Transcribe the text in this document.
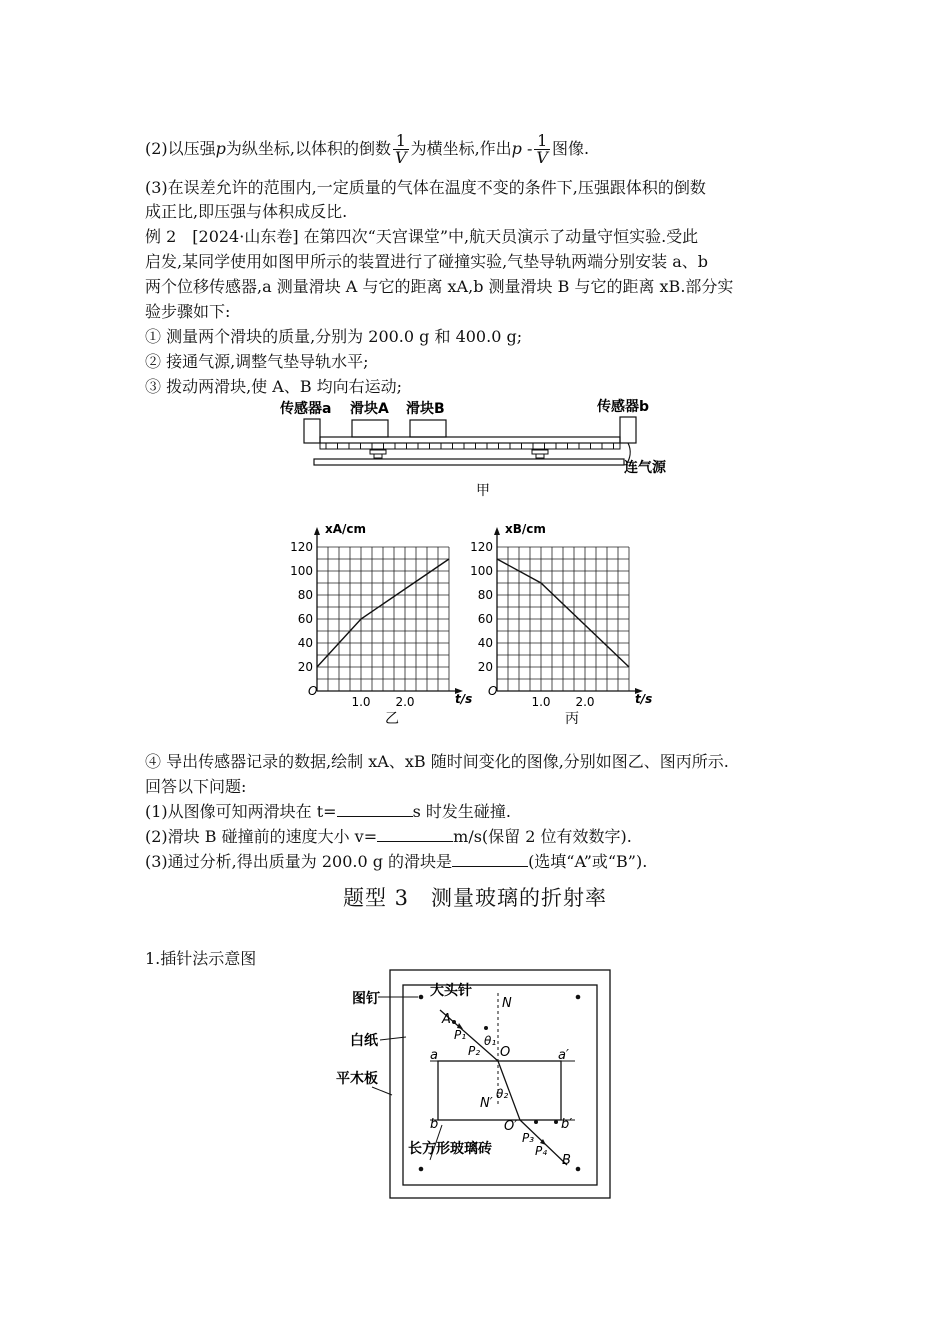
(2)以压强p为纵坐标,以体积的倒数 $\frac{1}{V}$ 为横坐标,作出p - $\frac{1}{V}$ 图像.
(3)在误差允许的范围内,一定质量的气体在温度不变的条件下,压强跟体积的倒数
成正比,即压强与体积成反比.
例 2　[2024·山东卷] 在第四次“天宫课堂”中,航天员演示了动量守恒实验.受此
启发,某同学使用如图甲所示的装置进行了碰撞实验,气垫导轨两端分别安装 a、b
两个位移传感器,a 测量滑块 A 与它的距离 xA,b 测量滑块 B 与它的距离 xB.部分实
验步骤如下:
① 测量两个滑块的质量,分别为 200.0 g 和 400.0 g;
② 接通气源,调整气垫导轨水平;
③ 拨动两滑块,使 A、B 均向右运动;
传感器a 滑块A 滑块B	传感器b
连气源
甲
20
40
60
80
100
120
1.0 2.0
xA/cm
t/s
O
乙
20
40
60
80
100
120
1.0 2.0
xB/cm
t/s
O
丙
④ 导出传感器记录的数据,绘制 xA、xB 随时间变化的图像,分别如图乙、图丙所示.
回答以下问题:
(1)从图像可知两滑块在 t=	s 时发生碰撞.
(2)滑块 B 碰撞前的速度大小 v=	m/s(保留 2 位有效数字).
(3)通过分析,得出质量为 200.0 g 的滑块是	(选填“A”或“B”).
题型 3　测量玻璃的折射率
1.插针法示意图
图钉	大头针
白纸
平木板
A
P₁
P₂
θ₁
O
N
a	a′
θ₂
N′
b	b′
O′
P₃
P₄
B
长方形玻璃砖
